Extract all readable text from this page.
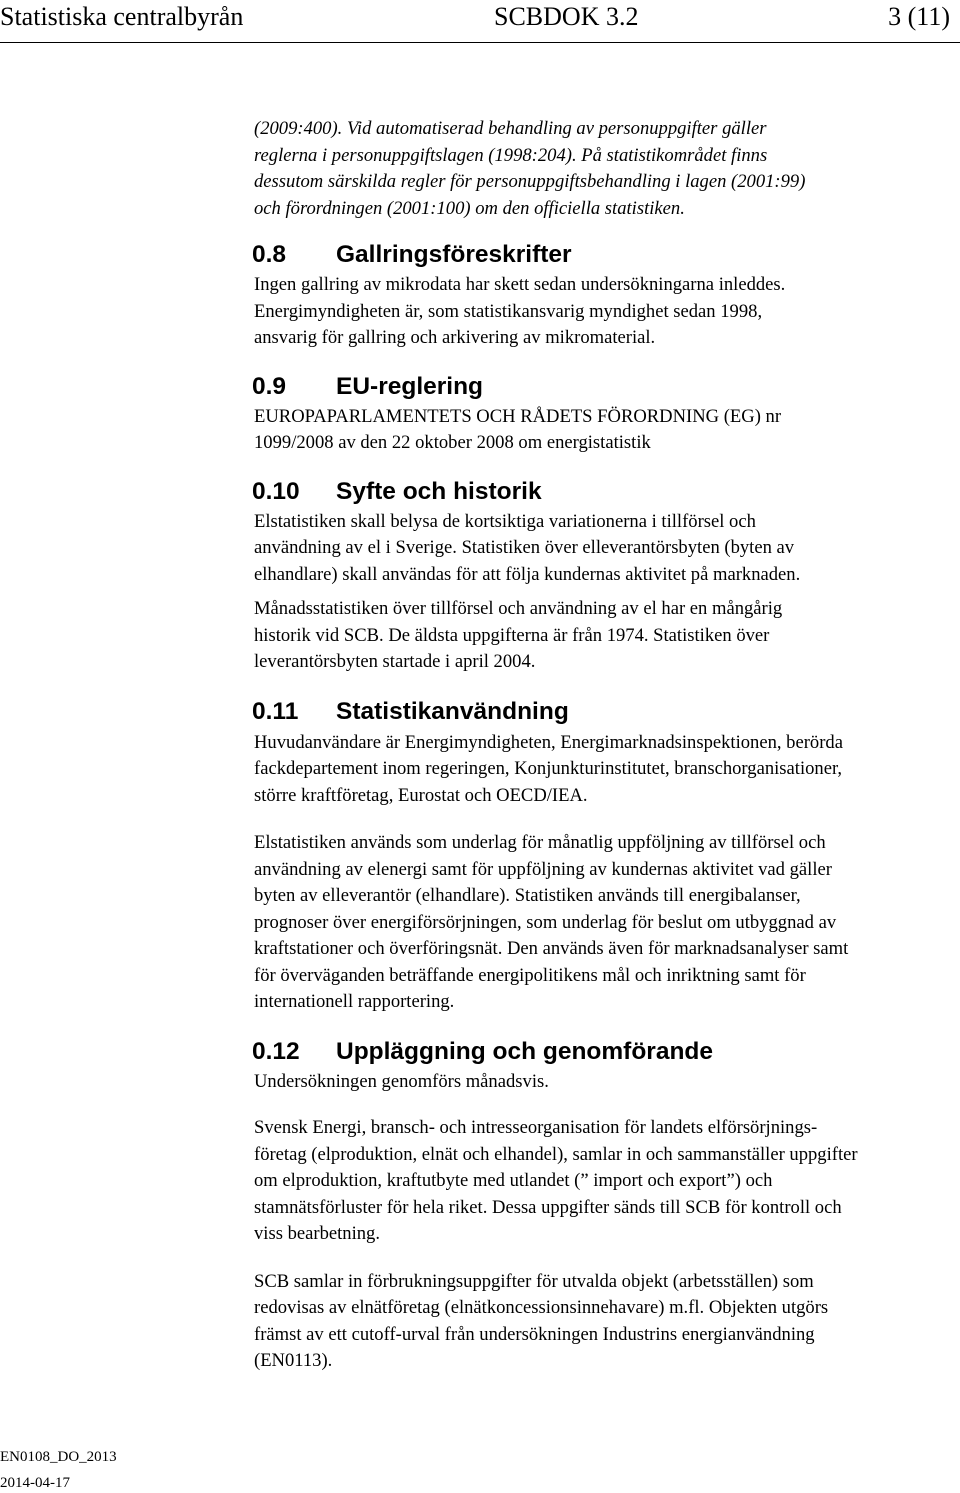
Statistiska centralbyrån	SCBDOK 3.2	3 (11)

(2009:400). Vid automatiserad behandling av personuppgifter gäller

reglerna i personuppgiftslagen (1998:204). På statistikområdet finns

dessutom särskilda regler för personuppgiftsbehandling i lagen (2001:99)

och förordningen (2001:100) om den officiella statistiken.

0.8 Gallringsföreskrifter

Ingen gallring av mikrodata har skett sedan undersökningarna inleddes.

Energimyndigheten är, som statistikansvarig myndighet sedan 1998,

ansvarig för gallring och arkivering av mikromaterial.

0.9 EU-reglering

EUROPAPARLAMENTETS OCH RÅDETS FÖRORDNING (EG) nr

1099/2008 av den 22 oktober 2008 om energistatistik

0.10 Syfte och historik

Elstatistiken skall belysa de kortsiktiga variationerna i tillförsel och

användning av el i Sverige. Statistiken över elleverantörsbyten (byten av

elhandlare) skall användas för att följa kundernas aktivitet på marknaden.

Månadsstatistiken över tillförsel och användning av el har en mångårig

historik vid SCB. De äldsta uppgifterna är från 1974. Statistiken över

leverantörsbyten startade i april 2004.

0.11 Statistikanvändning

Huvudanvändare är Energimyndigheten, Energimarknadsinspektionen, berörda

fackdepartement inom regeringen, Konjunkturinstitutet, branschorganisationer,

större kraftföretag, Eurostat och OECD/IEA.

Elstatistiken används som underlag för månatlig uppföljning av tillförsel och

användning av elenergi samt för uppföljning av kundernas aktivitet vad gäller

byten av elleverantör (elhandlare). Statistiken används till energibalanser,

prognoser över energiförsörjningen, som underlag för beslut om utbyggnad av

kraftstationer och överföringsnät. Den används även för marknadsanalyser samt

för överväganden beträffande energipolitikens mål och inriktning samt för

internationell rapportering.

0.12 Uppläggning och genomförande

Undersökningen genomförs månadsvis.

Svensk Energi, bransch- och intresseorganisation för landets elförsörjnings-

företag (elproduktion, elnät och elhandel), samlar in och sammanställer uppgifter

om elproduktion, kraftutbyte med utlandet (” import och export”) och

stamnätsförluster för hela riket. Dessa uppgifter sänds till SCB för kontroll och

viss bearbetning.

SCB samlar in förbrukningsuppgifter för utvalda objekt (arbetsställen) som

redovisas av elnätföretag (elnätkoncessionsinnehavare) m.fl. Objekten utgörs

främst av ett cutoff-urval från undersökningen Industrins energianvändning

(EN0113).

EN0108_DO_2013
2014-04-17
